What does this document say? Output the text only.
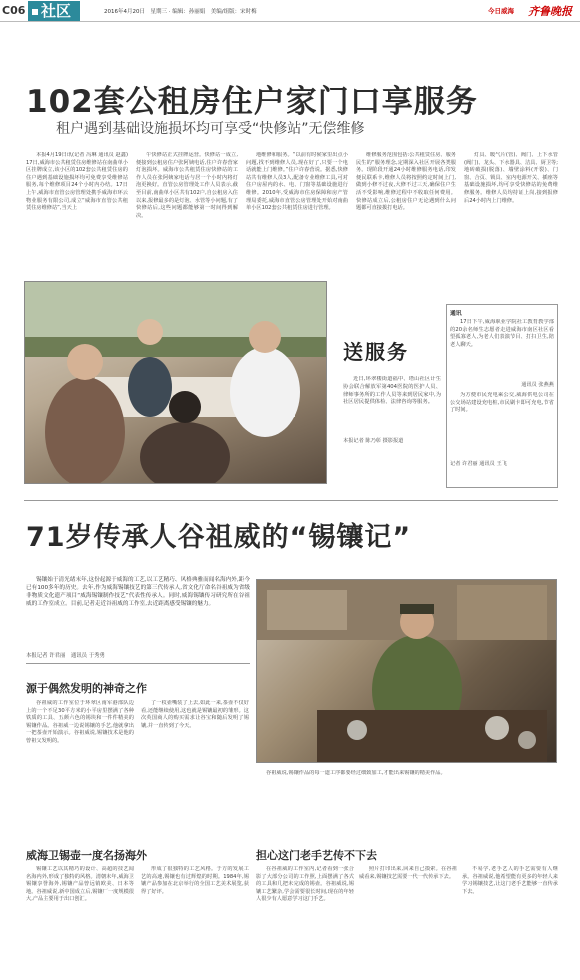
C06	社区	2016年4月20日　星期三 · 编辑：孙丽娟　美编/组版：宋时梅	今日威海 齐鲁晚报
102套公租房住户家门口享服务
租户遇到基础设施损坏均可享受“快修站”无偿维修

本报4月19日讯(记者 冯琳 通讯员 赵鑫) 17日,威海市公共租赁住房维修站在南曲单小区挂牌成立,该小区的102套公共租赁住房的住户遇到基础设施损坏均可免费享受维修站服务,每个维修项目24个小时内办结。17日上午,威海市直管公房管理处携手威海市环云物业服务有限公司,成立“威海市直管公共租赁住房维修站”,当天上

午快修站正式挂牌运营。快修站一成立,便接到公租房住户张阿姨电话,住户许春营家灯泡损坏。威海市公共租赁住房快修站的工作人员在张阿姨家电话与居一个小时内将灯泡更换好。直管公房管理处工作人员表示,截至目前,南曲单小区共有102户,自公租房入住以来,报修最多的是灯泡、水管等小问题,有了快修站后,这些问题都能够第一时间得到解决。

地维修和服务。“以前有时候家里出点小问题,找不到维修人员,现在好了,只要一个电话就能上门维修。”住户许春营说。据悉,快修站共有维修人员3人,配备专业维修工具,可对住户房屋内的水、电、门窗等基础设施进行维修。2010年,受威海市住房保障和房产管理局委托,威海市直管公房管理处开始对南曲单小区102套公共租赁住房进行管理。

维修服务范围包括:公共租赁住房、服务民生的“服务理念,定期深入社区开展各类服务。现阶段开通24小时维修服务电话,印发便民联系卡,维修人员将按照约定时间上门,做到小修不过夜,大修不过三天,确保住户生活不受影响,维修过程中不收取任何费用。快修站成立后,公租房住户无论遇到什么问题都可直接拨打电话。

灯具、暖气片(管)、阀门、上下水管(阀门)、龙头、下水器具、洁具、厨卫等;地砖破损(脱落)、墙壁涂料(开裂)、门窗、合页、锁具、室内电源开关、插座等基础设施损坏,均可享受快修站的免费维修服务。维修人员均持证上岗,接到报修后24小时内上门维修。

送服务

近日,环翠楼街道福中、塔山社区计生协会联合解放军第404医院的医护人员、律师事务所的工作人员等来到居民家中,为社区居民提供体检、法律咨询等服务。

本报记者 陈乃彰 摄影报道
通讯

17日下午,威海职业学院社工教育教学部的20余名师生志愿者走进威海市南区社区看望孤寡老人,为老人们表演节目、打扫卫生,陪老人聊天。

通讯员 张燕燕

为方便市民充电乘公交,威海供电公司在公交场站建设充电桩,市民刷卡即可充电,节省了时间。

记者 许君丽 通讯员 王飞
71岁传承人谷祖威的“锡镶记”

锡镶始于清光绪末年,这份起源于威海的工艺,以工艺精巧、风格典雅而闻名海内外,距今已有100多年的历史。去年,作为威海锡镶技艺的第三代传承人,省文化厅命名谷祖威为省级非物质文化遗产项目“威海锡镶制作技艺”代表性传承人。同时,威海锡镶传习研究所在谷祖威的工作室成立。目前,记者走近谷祖威的工作室,去近距离感受锡镶的魅力。

本报记者 许君丽　通讯员 于秀勇
源于偶然发明的神奇之作

谷祖威的工作室位于环翠区南军港部队边上的一个不足30平方米的小平房里摆满了各种铁质的工具、五颜六色的锡块和一件件精美的锡镶作品。谷祖威一边说锡镶的手艺,他就拿出一把茶壶开始演示。谷祖威说,锡镶技术是他的曾祖父发明的。

了一枚壶嘴装了上去,如此一来,茶壶不仅好看,还能继续使用,这也就是锡镶最初的雏形。这次英国商人的购买需求让谷宝和随后发明了锡镶,并一直传到了今天。

谷祖威说,锡镶作品的每一道工序都要经过细致加工,才能出来锡镶的精美作品。

威海卫锡壶一度名扬海外

锡镶工艺以其精巧的设计、高超的技艺闻名海内外,形成了独特的风格。清朝末年,威海卫锡镶享誉海外,锡镶产品曾远销欧美、日本等地。谷祖威说,新中国成立后,锡镶厂一度规模很大,产品主要用于出口创汇。

形成了很独特的工艺风格。于方的发展工艺的高速,锡镶也有过辉煌的时期。1984年,锡镶产品参加在北京举行的全国工艺美术展览,获得了好评。

担心这门老手艺传不下去

在谷祖威的工作室内,记者看到一张合影了大部分公司的工作照,上面摆满了各式的工具和几把未完成的锡壶。谷祖威说,锡镶工艺繁杂,学会需要很长时间,现在的年轻人很少有人愿意学习这门手艺。

照片打印出来,回来自己摸索。在谷祖威看来,锡镶技艺需要一代一代传承下去。

不易学,老手艺人的手艺需要有人继承。谷祖威说,他希望能有更多的年轻人来学习锡镶技艺,让这门老手艺能够一直传承下去。
